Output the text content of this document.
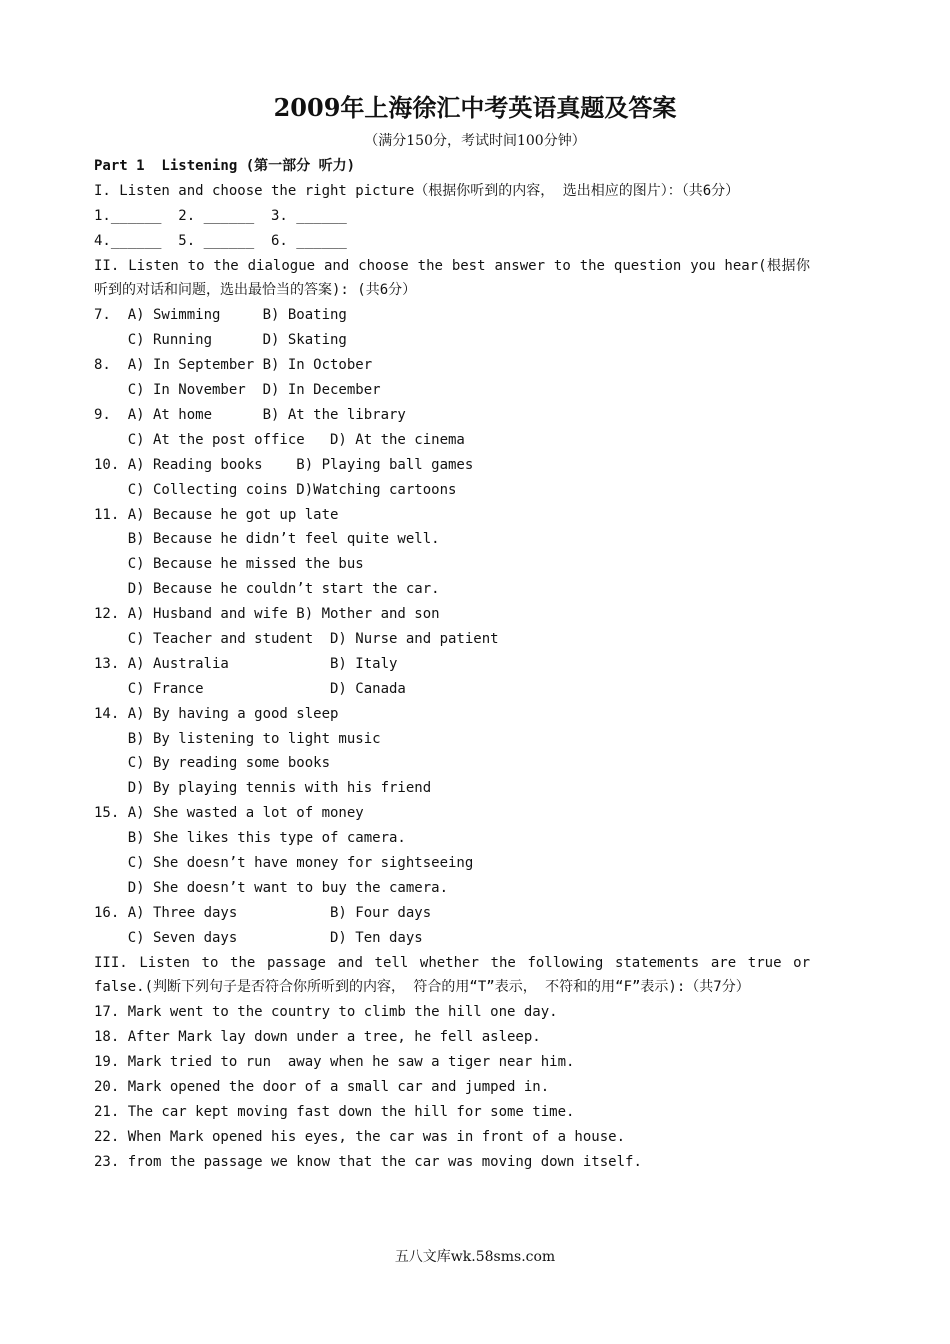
2009年上海徐汇中考英语真题及答案
（满分150分，考试时间100分钟）
Part 1  Listening (第一部分 听力)
I. Listen and choose the right picture（根据你听到的内容， 选出相应的图片）：（共6分）
1.______  2. ______  3. ______
4.______  5. ______  6. ______
II. Listen to the dialogue and choose the best answer to the question you hear(根据你听到的对话和问题，选出最恰当的答案): (共6分）
7.  A) Swimming     B) Boating
C) Running      D) Skating
8.  A) In September B) In October
C) In November  D) In December
9.  A) At home      B) At the library
C) At the post office   D) At the cinema
10. A) Reading books    B) Playing ball games
C) Collecting coins D)Watching cartoons
11. A) Because he got up late
B) Because he didn’t feel quite well.
C) Because he missed the bus
D) Because he couldn’t start the car.
12. A) Husband and wife B) Mother and son
C) Teacher and student  D) Nurse and patient
13. A) Australia            B) Italy
C) France               D) Canada
14. A) By having a good sleep
B) By listening to light music
C) By reading some books
D) By playing tennis with his friend
15. A) She wasted a lot of money
B) She likes this type of camera.
C) She doesn’t have money for sightseeing
D) She doesn’t want to buy the camera.
16. A) Three days           B) Four days
C) Seven days           D) Ten days
III. Listen to the passage and tell whether the following statements are true or false.(判断下列句子是否符合你所听到的内容， 符合的用“T”表示， 不符和的用“F”表示):（共7分）
17. Mark went to the country to climb the hill one day.
18. After Mark lay down under a tree, he fell asleep.
19. Mark tried to run  away when he saw a tiger near him.
20. Mark opened the door of a small car and jumped in.
21. The car kept moving fast down the hill for some time.
22. When Mark opened his eyes, the car was in front of a house.
23. from the passage we know that the car was moving down itself.
五八文库wk.58sms.com
